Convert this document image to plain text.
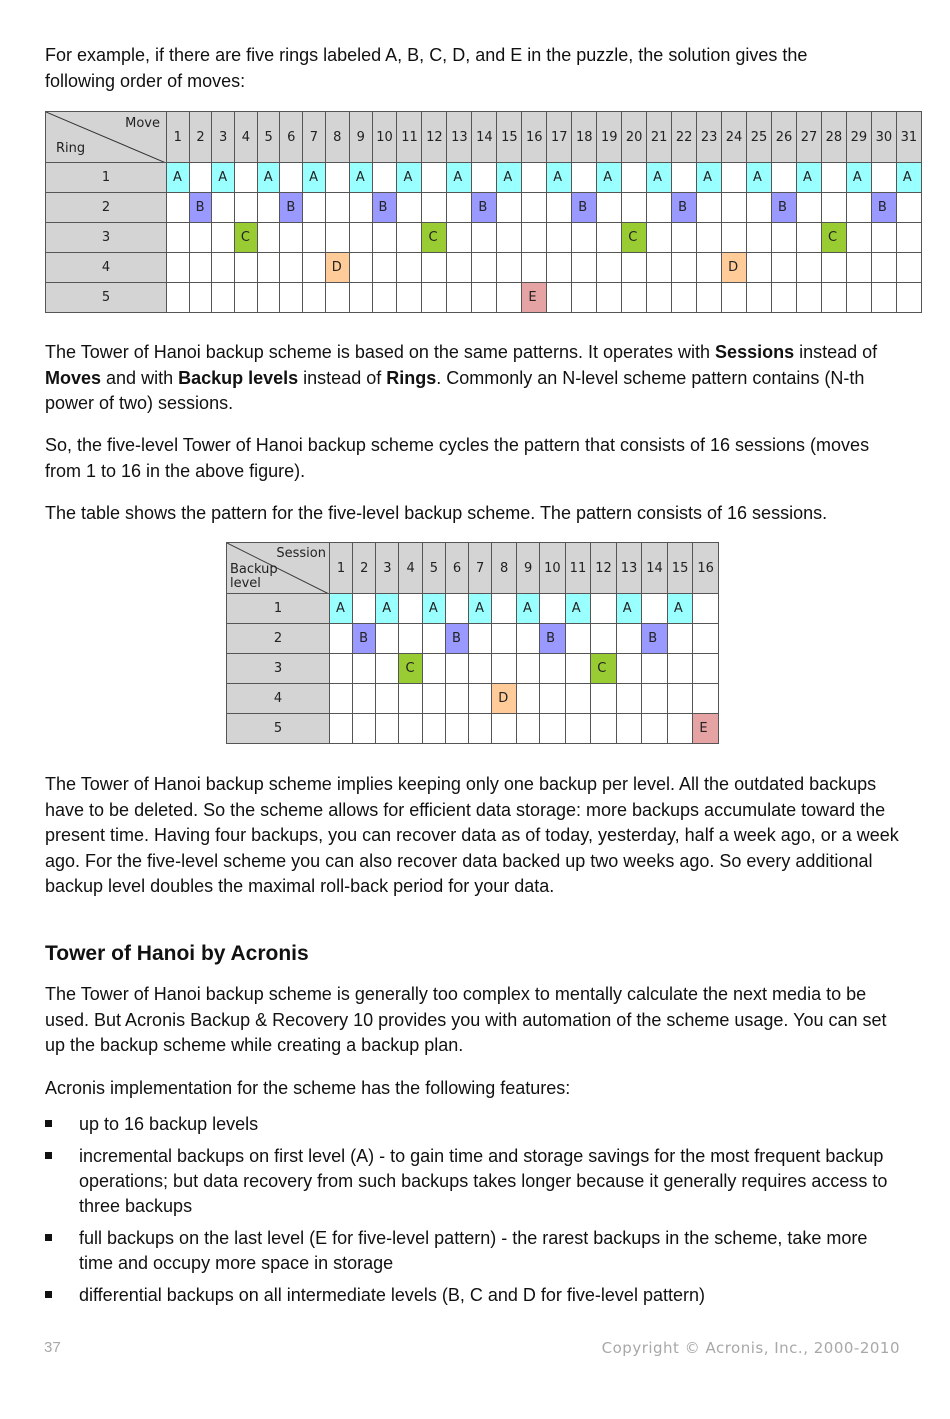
For example, if there are five rings labeled A, B, C, D, and E in the puzzle, the solution gives the following order of moves:

The Tower of Hanoi backup scheme is based on the same patterns. It operates with Sessions instead of Moves and with Backup levels instead of Rings. Commonly an N-level scheme pattern contains (N-th power of two) sessions.

So, the five-level Tower of Hanoi backup scheme cycles the pattern that consists of 16 sessions (moves from 1 to 16 in the above figure).

The table shows the pattern for the five-level backup scheme. The pattern consists of 16 sessions.

The Tower of Hanoi backup scheme implies keeping only one backup per level. All the outdated backups have to be deleted. So the scheme allows for efficient data storage: more backups accumulate toward the present time. Having four backups, you can recover data as of today, yesterday, half a week ago, or a week ago. For the five-level scheme you can also recover data backed up two weeks ago. So every additional backup level doubles the maximal roll-back period for your data.

Tower of Hanoi by Acronis

The Tower of Hanoi backup scheme is generally too complex to mentally calculate the next media to be used. But Acronis Backup & Recovery 10 provides you with automation of the scheme usage. You can set up the backup scheme while creating a backup plan.

Acronis implementation for the scheme has the following features:

up to 16 backup levels
incremental backups on first level (A) - to gain time and storage savings for the most frequent backup operations; but data recovery from such backups takes longer because it generally requires access to three backups
full backups on the last level (E for five-level pattern) - the rarest backups in the scheme, take more time and occupy more space in storage
differential backups on all intermediate levels (B, C and D for five-level pattern)
Move
Ring	1	2	3	4	5	6	7	8	9	10	11	12	13	14	15	16	17	18	19	20	21	22	23	24	25	26	27	28	29	30	31
1	A		A		A		A		A		A		A		A		A		A		A		A		A		A		A		A

2		B				B				B				B				B				B				B				B	

3				C								C								C								C			

4								D																D							

5																E															

Session
Backup
level	1	2	3	4	5	6	7	8	9	10	11	12	13	14	15	16
1	A		A		A		A		A		A		A		A	

2		B				B				B				B		

3				C								C				

4								D								

5																E
37	Copyright © Acronis, Inc., 2000-2010
